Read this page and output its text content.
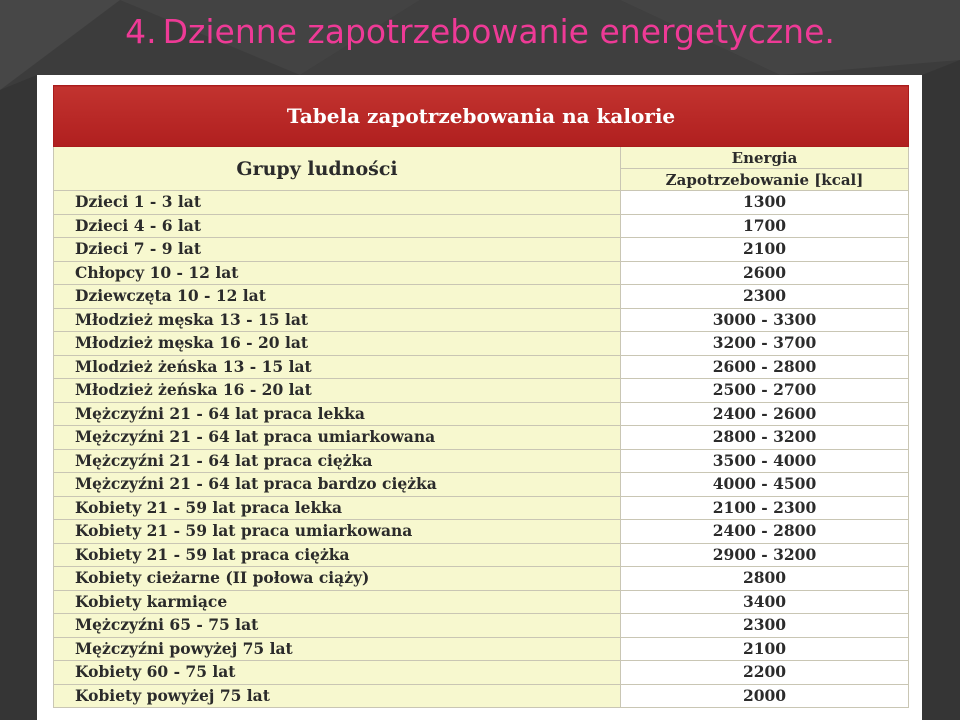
4. Dzienne zapotrzebowanie energetyczne.
Tabela zapotrzebowania na kalorie	
Grupy ludności	Energia
	Zapotrzebowanie [kcal]
Dzieci 1 - 3 lat	1300
Dzieci 4 - 6 lat	1700
Dzieci 7 - 9 lat	2100
Chłopcy 10 - 12 lat	2600
Dziewczęta 10 - 12 lat	2300
Młodzież męska 13 - 15 lat	3000 - 3300
Młodzież męska 16 - 20 lat	3200 - 3700
Mlodzież żeńska 13 - 15 lat	2600 - 2800
Młodzież żeńska 16 - 20 lat	2500 - 2700
Mężczyźni 21 - 64 lat praca lekka	2400 - 2600
Mężczyźni 21 - 64 lat praca umiarkowana	2800 - 3200
Mężczyźni 21 - 64 lat praca ciężka	3500 - 4000
Mężczyźni 21 - 64 lat praca bardzo ciężka	4000 - 4500
Kobiety 21 - 59 lat praca lekka	2100 - 2300
Kobiety 21 - 59 lat praca umiarkowana	2400 - 2800
Kobiety 21 - 59 lat praca ciężka	2900 - 3200
Kobiety cieżarne (II połowa ciąży)	2800
Kobiety karmiące	3400
Mężczyźni 65 - 75 lat	2300
Mężczyźni powyżej 75 lat	2100
Kobiety 60 - 75 lat	2200
Kobiety powyżej 75 lat	2000
